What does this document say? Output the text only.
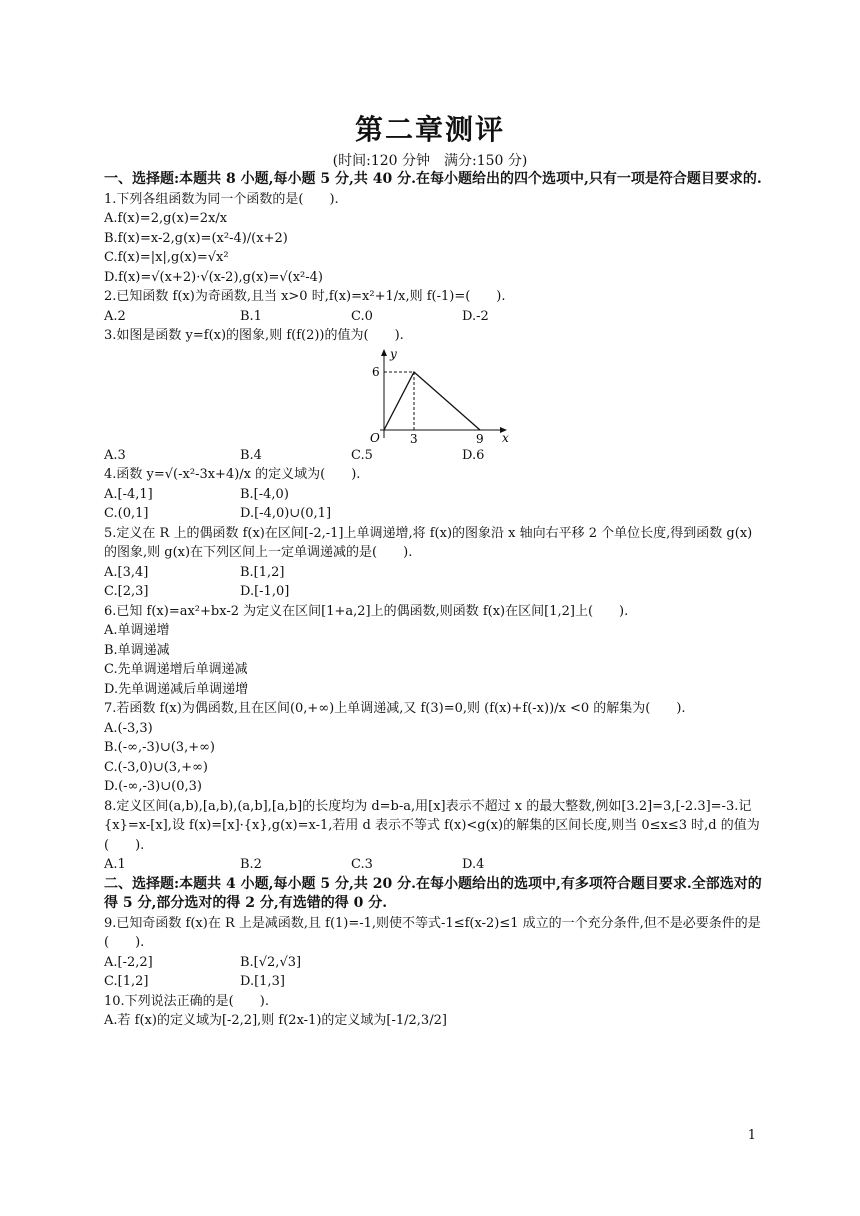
第二章测评
(时间:120 分钟　满分:150 分)
一、选择题:本题共 8 小题,每小题 5 分,共 40 分.在每小题给出的四个选项中,只有一项是符合题目要求的.
1.下列各组函数为同一个函数的是(　　).
A.f(x)=2,g(x)=2x/x
B.f(x)=x-2,g(x)=(x²-4)/(x+2)
C.f(x)=|x|,g(x)=√x²
D.f(x)=√(x+2)·√(x-2),g(x)=√(x²-4)
2.已知函数 f(x)为奇函数,且当 x>0 时,f(x)=x²+1/x,则 f(-1)=(　　).
A.2	B.1	C.0	D.-2
3.如图是函数 y=f(x)的图象,则 f(f(2))的值为(　　).
y
x
O
6
3	9
A.3	B.4	C.5	D.6
4.函数 y=√(-x²-3x+4)/x 的定义域为(　　).
A.[-4,1]	B.[-4,0)
C.(0,1]	D.[-4,0)∪(0,1]
5.定义在 R 上的偶函数 f(x)在区间[-2,-1]上单调递增,将 f(x)的图象沿 x 轴向右平移 2 个单位长度,得到函数 g(x)的图象,则 g(x)在下列区间上一定单调递减的是(　　).
A.[3,4]	B.[1,2]
C.[2,3]	D.[-1,0]
6.已知 f(x)=ax²+bx-2 为定义在区间[1+a,2]上的偶函数,则函数 f(x)在区间[1,2]上(　　).
A.单调递增
B.单调递减
C.先单调递增后单调递减
D.先单调递减后单调递增
7.若函数 f(x)为偶函数,且在区间(0,+∞)上单调递减,又 f(3)=0,则 (f(x)+f(-x))/x <0 的解集为(　　).
A.(-3,3)
B.(-∞,-3)∪(3,+∞)
C.(-3,0)∪(3,+∞)
D.(-∞,-3)∪(0,3)
8.定义区间(a,b),[a,b),(a,b],[a,b]的长度均为 d=b-a,用[x]表示不超过 x 的最大整数,例如[3.2]=3,[-2.3]=-3.记{x}=x-[x],设 f(x)=[x]·{x},g(x)=x-1,若用 d 表示不等式 f(x)<g(x)的解集的区间长度,则当 0≤x≤3 时,d 的值为(　　).
A.1	B.2	C.3	D.4
二、选择题:本题共 4 小题,每小题 5 分,共 20 分.在每小题给出的选项中,有多项符合题目要求.全部选对的得 5 分,部分选对的得 2 分,有选错的得 0 分.
9.已知奇函数 f(x)在 R 上是减函数,且 f(1)=-1,则使不等式-1≤f(x-2)≤1 成立的一个充分条件,但不是必要条件的是(　　).
A.[-2,2]	B.[√2,√3]
C.[1,2]	D.[1,3]
10.下列说法正确的是(　　).
A.若 f(x)的定义域为[-2,2],则 f(2x-1)的定义域为[-1/2,3/2]
1
